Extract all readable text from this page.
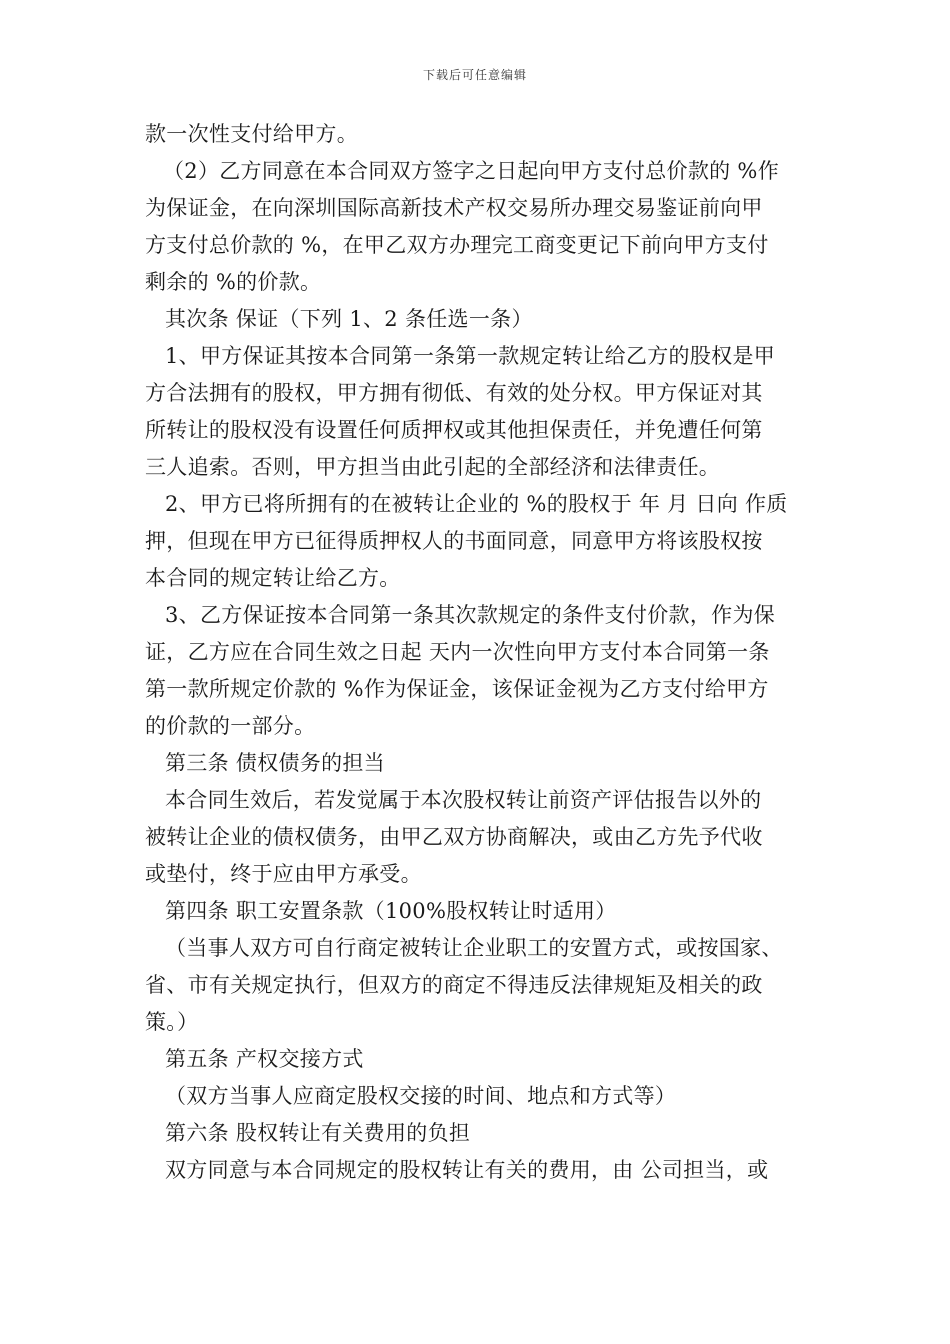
下载后可任意编辑
款一次性支付给甲方。
（2）乙方同意在本合同双方签字之日起向甲方支付总价款的 %作
为保证金，在向深圳国际高新技术产权交易所办理交易鉴证前向甲
方支付总价款的 %，在甲乙双方办理完工商变更记下前向甲方支付
剩余的 %的价款。
其次条 保证（下列 1、2 条任选一条）
1、甲方保证其按本合同第一条第一款规定转让给乙方的股权是甲
方合法拥有的股权，甲方拥有彻低、有效的处分权。甲方保证对其
所转让的股权没有设置任何质押权或其他担保责任，并免遭任何第
三人追索。否则，甲方担当由此引起的全部经济和法律责任。
2、甲方已将所拥有的在被转让企业的 %的股权于 年 月 日向 作质
押，但现在甲方已征得质押权人的书面同意，同意甲方将该股权按
本合同的规定转让给乙方。
3、乙方保证按本合同第一条其次款规定的条件支付价款，作为保
证，乙方应在合同生效之日起 天内一次性向甲方支付本合同第一条
第一款所规定价款的 %作为保证金，该保证金视为乙方支付给甲方
的价款的一部分。
第三条 债权债务的担当
本合同生效后，若发觉属于本次股权转让前资产评估报告以外的
被转让企业的债权债务，由甲乙双方协商解决，或由乙方先予代收
或垫付，终于应由甲方承受。
第四条 职工安置条款（100%股权转让时适用）
（当事人双方可自行商定被转让企业职工的安置方式，或按国家、
省、市有关规定执行，但双方的商定不得违反法律规矩及相关的政
策。）
第五条 产权交接方式
（双方当事人应商定股权交接的时间、地点和方式等）
第六条 股权转让有关费用的负担
双方同意与本合同规定的股权转让有关的费用，由 公司担当，或
